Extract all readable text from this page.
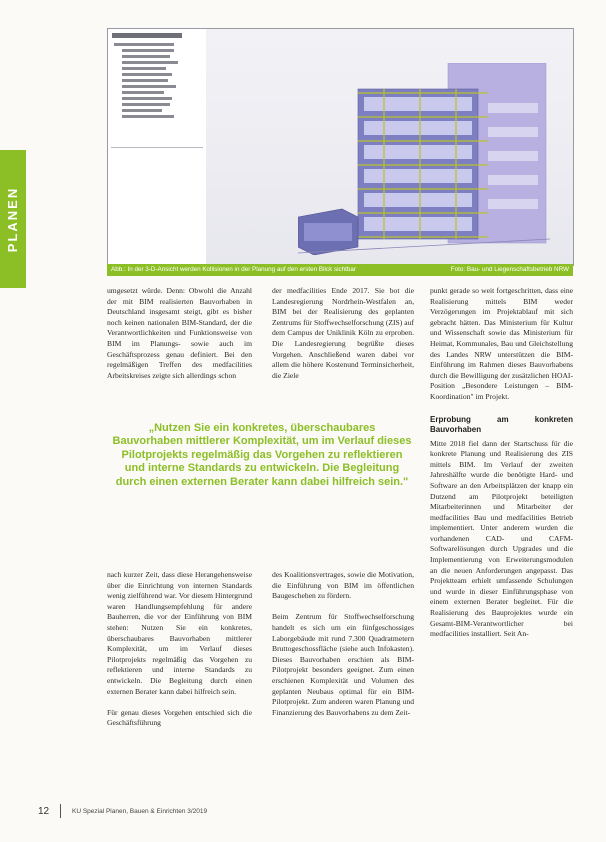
PLANEN
Abb.: In der 3-D-Ansicht werden Kollisionen in der Planung auf den ersten Blick sichtbar	Foto: Bau- und Liegenschaftsbetrieb NRW

umgesetzt würde. Denn: Obwohl die Anzahl der mit BIM realisierten Bauvorhaben in Deutschland insgesamt steigt, gibt es bisher noch keinen nationalen BIM-Standard, der die Verantwortlichkeiten und Funktionsweise von BIM im Planungs- sowie auch im Geschäftsprozess genau definiert. Bei den regelmäßigen Treffen des medfacilities Arbeitskreises zeigte sich allerdings schon

der medfacilities Ende 2017. Sie bot die Landesregierung Nordrhein-Westfalen an, BIM bei der Realisierung des geplanten Zentrums für Stoffwechselforschung (ZIS) auf dem Campus der Uniklinik Köln zu erproben. Die Landesregierung begrüßte dieses Vorgehen. Anschließend waren dabei vor allem die höhere Kostenund Terminsicherheit, die Ziele

„Nutzen Sie ein konkretes, überschaubares Bauvorhaben mittlerer Komplexität, um im Verlauf dieses Pilotprojekts regelmäßig das Vorgehen zu reflektieren und interne Standards zu entwickeln. Die Begleitung durch einen externen Berater kann dabei hilfreich sein."

punkt gerade so weit fortgeschritten, dass eine Realisierung mittels BIM weder Verzögerungen im Projektablauf mit sich gebracht hätten. Das Ministerium für Kultur und Wissenschaft sowie das Ministerium für Heimat, Kommunales, Bau und Gleichstellung des Landes NRW unterstützen die BIM-Einführung im Rahmen dieses Bauvorhabens durch die Bewilligung der zusätzlichen HOAI-Position „Besondere Leistungen – BIM-Koordination" im Projekt.

Erprobung am konkreten Bauvorhaben

Mitte 2018 fiel dann der Startschuss für die konkrete Planung und Realisierung des ZIS mittels BIM. Im Verlauf der zweiten Jahreshälfte wurde die benötigte Hard- und Software an den Arbeitsplätzen der knapp ein Dutzend am Pilotprojekt beteiligten Mitarbeiterinnen und Mitarbeiter der medfacilities Bau und medfacilities Betrieb implementiert. Unter anderem wurden die vorhandenen CAD- und CAFM-Softwarelösungen durch Upgrades und die Implementierung von Erweiterungsmodulen an die neuen Anforderungen angepasst. Das Projektteam erhielt umfassende Schulungen und wurde in dieser Einführungsphase von einem externen Berater begleitet. Für die Realisierung des Bauprojektes wurde ein Gesamt-BIM-Verantwortlicher bei medfacilities installiert. Seit An-

nach kurzer Zeit, dass diese Herangehensweise über die Einrichtung von internen Standards wenig zielführend war. Vor diesem Hintergrund waren Handlungsempfehlung für andere Bauherren, die vor der Einführung von BIM stehen: Nutzen Sie ein konkretes, überschaubares Bauvorhaben mittlerer Komplexität, um im Verlauf dieses Pilotprojekts regelmäßig das Vorgehen zu reflektieren und interne Standards zu entwickeln. Die Begleitung durch einen externen Berater kann dabei hilfreich sein.

Für genau dieses Vorgehen entschied sich die Geschäftsführung

des Koalitionsvertrages, sowie die Motivation, die Einführung von BIM im öffentlichen Baugeschehen zu fördern.

Beim Zentrum für Stoffwechselforschung handelt es sich um ein fünfgeschossiges Laborgebäude mit rund 7.300 Quadratmetern Bruttogeschossfläche (siehe auch Infokasten). Dieses Bauvorhaben erschien als BIM-Pilotprojekt besonders geeignet. Zum einen erschienen Komplexität und Volumen des geplanten Neubaus optimal für ein BIM-Pilotprojekt. Zum anderen waren Planung und Finanzierung des Bauvorhabens zu dem Zeit-

12	KU Spezial Planen, Bauen & Einrichten 3/2019
